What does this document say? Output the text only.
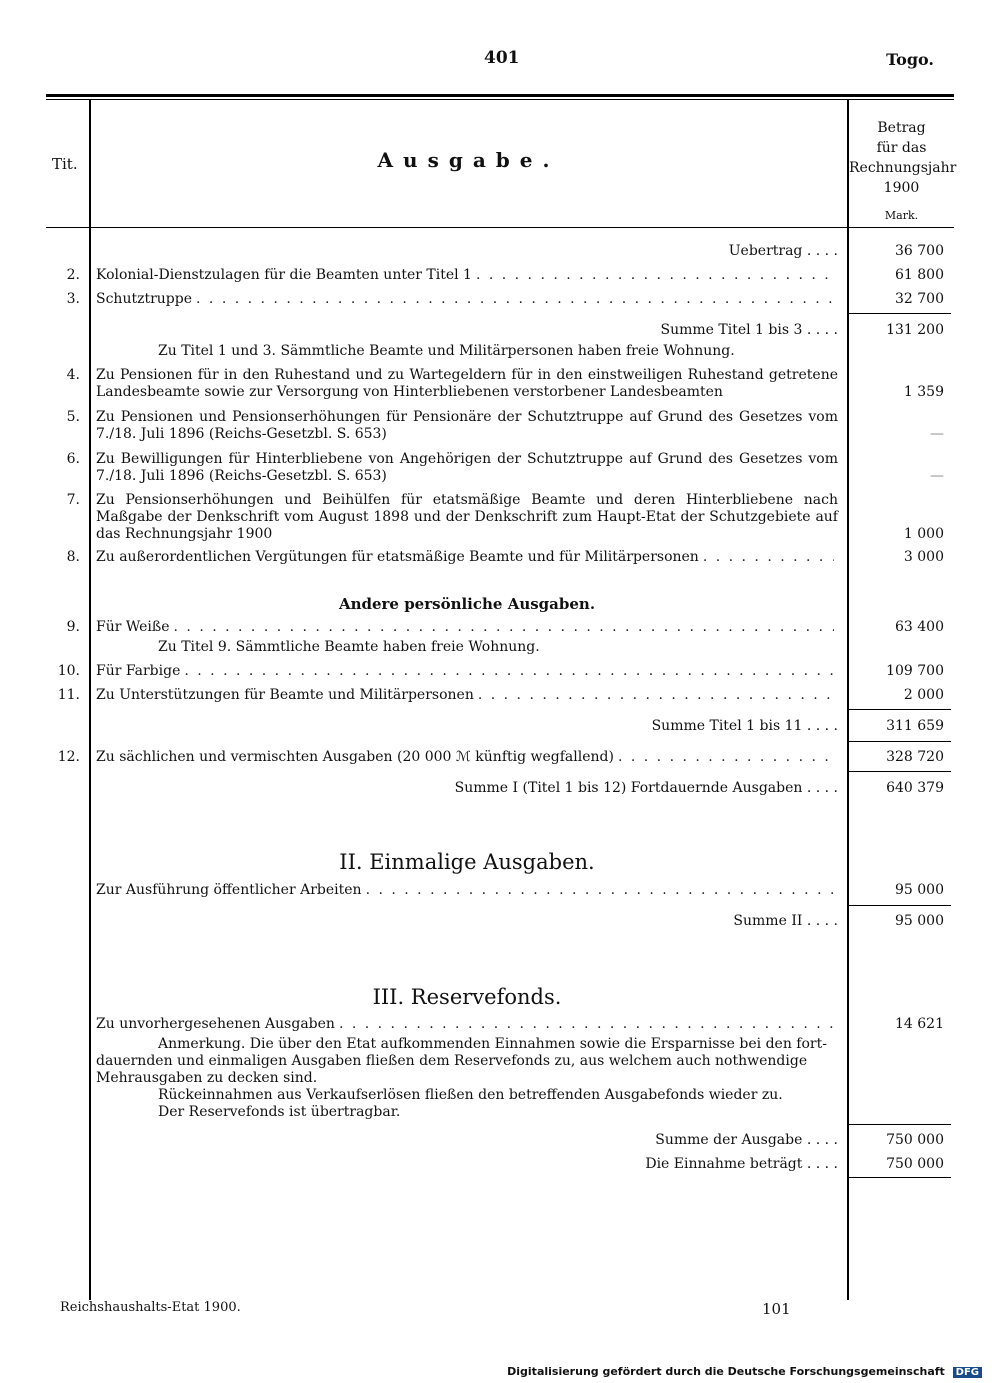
401	Togo.
Tit.	Ausgabe.
Betrag
für das
Rechnungsjahr
1900
Mark.
Uebertrag . . . .	36 700
2. Kolonial-Dienstzulagen für die Beamten unter Titel 1 . . .	61 800
3. Schutztruppe . . .	32 700
Summe Titel 1 bis 3 . . . .	131 200
Zu Titel 1 und 3. Sämmtliche Beamte und Militärpersonen haben freie Wohnung.
4. Zu Pensionen für in den Ruhestand und zu Wartegeldern für in den einstweiligen Ruhestand getretene Landesbeamte sowie zur Versorgung von Hinterbliebenen verstorbener Landesbeamten	1 359
5. Zu Pensionen und Pensionserhöhungen für Pensionäre der Schutztruppe auf Grund des Gesetzes vom 7./18. Juli 1896 (Reichs-Gesetzbl. S. 653)	—
6. Zu Bewilligungen für Hinterbliebene von Angehörigen der Schutztruppe auf Grund des Gesetzes vom 7./18. Juli 1896 (Reichs-Gesetzbl. S. 653)	—
7. Zu Pensionserhöhungen und Beihülfen für etatsmäßige Beamte und deren Hinterbliebene nach Maßgabe der Denkschrift vom August 1898 und der Denkschrift zum Haupt-Etat der Schutzgebiete auf das Rechnungsjahr 1900	1 000
8. Zu außerordentlichen Vergütungen für etatsmäßige Beamte und für Militärpersonen . . .	3 000
Andere persönliche Ausgaben.
9. Für Weiße . . .	63 400
Zu Titel 9. Sämmtliche Beamte haben freie Wohnung.
10. Für Farbige . . .	109 700
11. Zu Unterstützungen für Beamte und Militärpersonen . . .	2 000
Summe Titel 1 bis 11 . . . .	311 659
12. Zu sächlichen und vermischten Ausgaben (20 000 ℳ künftig wegfallend) . . .	328 720
Summe I (Titel 1 bis 12) Fortdauernde Ausgaben . . . .	640 379
II. Einmalige Ausgaben.
Zur Ausführung öffentlicher Arbeiten . . .	95 000
Summe II . . . .	95 000
III. Reservefonds.
Zu unvorhergesehenen Ausgaben . . .	14 621
Anmerkung. Die über den Etat aufkommenden Einnahmen sowie die Ersparnisse bei den fort-
dauernden und einmaligen Ausgaben fließen dem Reservefonds zu, aus welchem auch nothwendige
Mehrausgaben zu decken sind.
Rückeinnahmen aus Verkaufserlösen fließen den betreffenden Ausgabefonds wieder zu.
Der Reservefonds ist übertragbar.
Summe der Ausgabe . . . .	750 000
Die Einnahme beträgt . . . .	750 000
Reichshaushalts-Etat 1900.	101
Digitalisierung gefördert durch die Deutsche Forschungsgemeinschaft DFG
